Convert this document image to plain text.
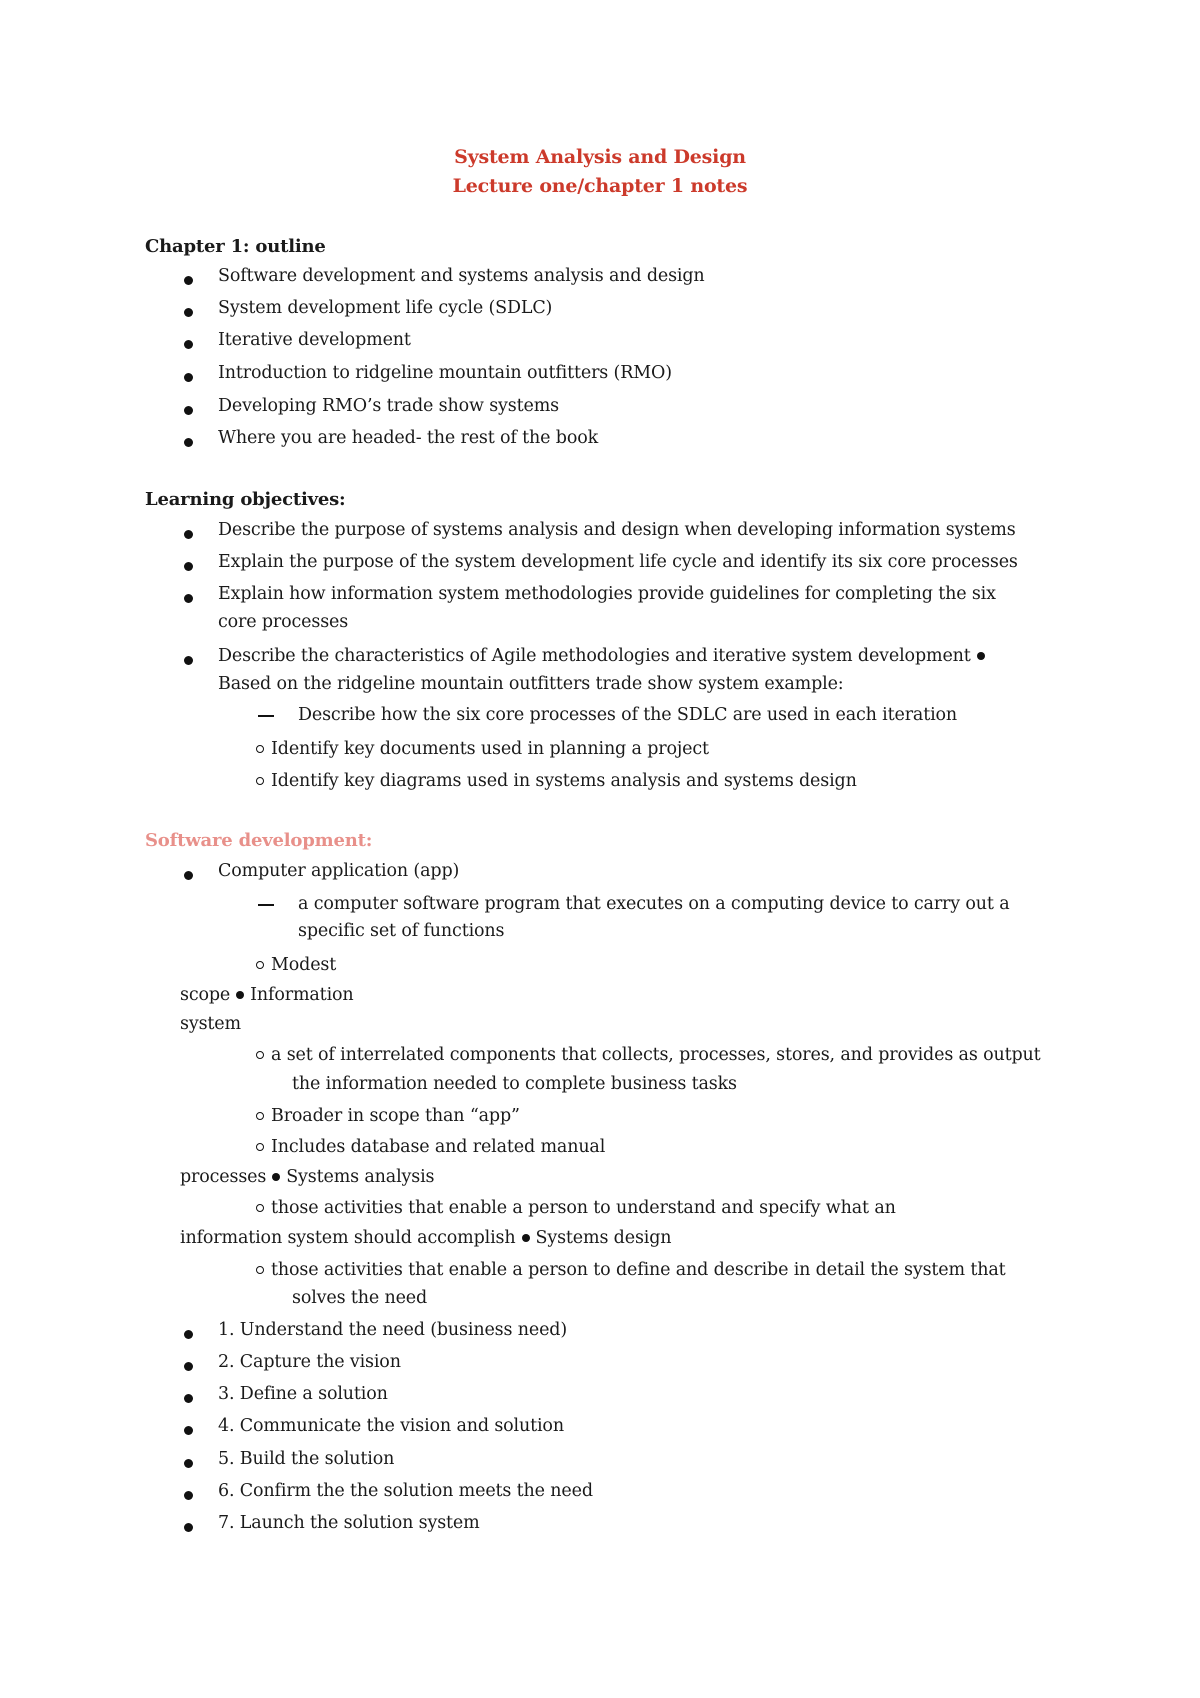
System Analysis and Design
Lecture one/chapter 1 notes
Chapter 1: outline
Software development and systems analysis and design
System development life cycle (SDLC)
Iterative development
Introduction to ridgeline mountain outfitters (RMO)
Developing RMO’s trade show systems
Where you are headed- the rest of the book
Learning objectives:
Describe the purpose of systems analysis and design when developing information systems
Explain the purpose of the system development life cycle and identify its six core processes
Explain how information system methodologies provide guidelines for completing the six
core processes
Describe the characteristics of Agile methodologies and iterative system development
Based on the ridgeline mountain outfitters trade show system example:
Describe how the six core processes of the SDLC are used in each iteration
Identify key documents used in planning a project
Identify key diagrams used in systems analysis and systems design
Software development:
Computer application (app)
a computer software program that executes on a computing device to carry out a
specific set of functions
Modest
scope Information
system
a set of interrelated components that collects, processes, stores, and provides as output
the information needed to complete business tasks
Broader in scope than “app”
Includes database and related manual
processes Systems analysis
those activities that enable a person to understand and specify what an
information system should accomplish Systems design
those activities that enable a person to define and describe in detail the system that
solves the need
1. Understand the need (business need)
2. Capture the vision
3. Define a solution
4. Communicate the vision and solution
5. Build the solution
6. Confirm the the solution meets the need
7. Launch the solution system
